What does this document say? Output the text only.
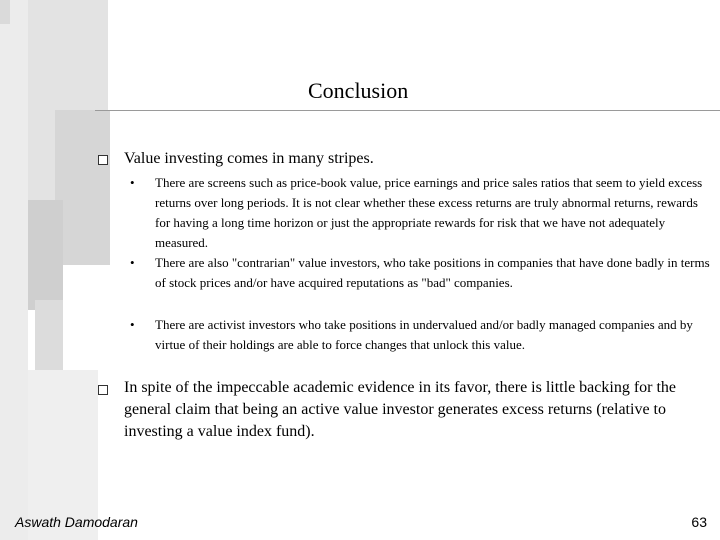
Conclusion
Value investing comes in many stripes.
• There are screens such as price-book value, price earnings and price sales ratios that seem to yield excess returns over long periods. It is not clear whether these excess returns are truly abnormal returns, rewards for having a long time horizon or just the appropriate rewards for risk that we have not adequately measured.
• There are also "contrarian" value investors, who take positions in companies that have done badly in terms of stock prices and/or have acquired reputations as "bad" companies.
• There are activist investors who take positions in undervalued and/or badly managed companies and by virtue of their holdings are able to force changes that unlock this value.
In spite of the impeccable academic evidence in its favor, there is little backing for the general claim that being an active value investor generates excess returns (relative to investing a value index fund).
Aswath Damodaran	63
